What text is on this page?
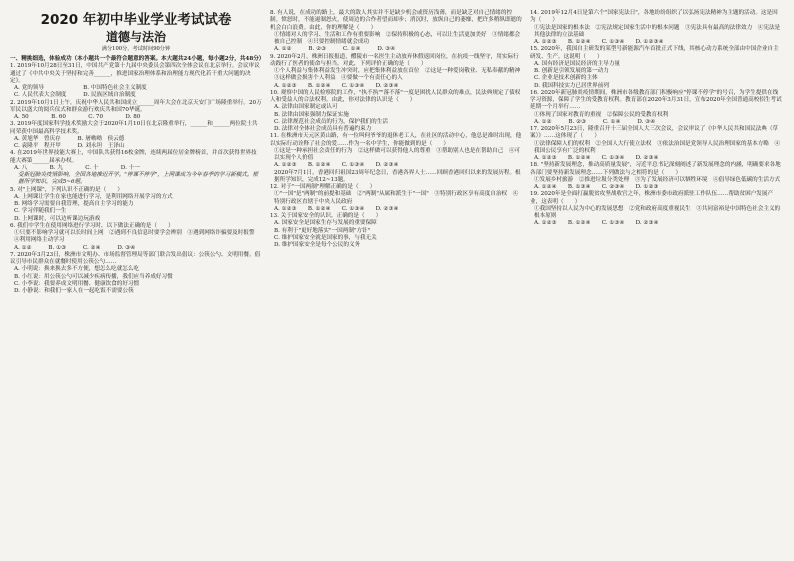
2020 年初中毕业学业考试试卷
道德与法治
满分100分，考试时间90分钟

一、精挑细选，体验成功（本小题共一个最符合题意的答案。本大题共24小题，每小题2分，共48分）

1. 2019年10月28日至31日，中国共产党第十九届中央委员会第四次全体会议在北京举行。会议审议通过了《中共中央关于坚持和完善______，推进国家治理体系和治理能力现代化若干重大问题的决定》。

A. 党的领导　　　　　　　B. 中国特色社会主义制度

C. 人民代表大会制度　　　D. 民族区域自治制度

2. 2019年10月1日上午，庆祝中华人民共和国成立______周年大会在北京天安门广场隆重举行。20万军民以盛大的阅兵仪式和群众游行欢庆共和国70华诞。

A. 50　　　　B. 60　　　　C. 70　　　　D. 80

3. 2019年度国家科学技术奖励大会于2020年1月10日在北京隆重举行，______和______两位院士共同荣获中国最高科学技术奖。

A. 黄旭华　曾庆存　　　B. 屠呦呦　侯云德

C. 袁隆平　程开甲　　　D. 刘永坦　王泽山

4. 在2019年世界技能大赛上，中国队共获得16枚金牌，连续两届位居金牌榜首，并首次获得世界技能大赛第______届承办权。

A. 八　　　　B. 九　　　　C. 十　　　　D. 十一

受新冠肺炎疫情影响，全国各地推迟开学。"停课不停学"，上网课成为今年春季的学习新模式。根据所学知识，完成5~6题。

5. 对"上网课"，下列认识不正确的是（　　）

A. 上网课让学生在家也能进行学习，是利用网络开展学习的方式

B. 网络学习需要自我管理，提高自主学习的能力

C. 学习伴随我们一生

D. 上网课时，可以边听课边玩游戏

6. 我们中学生在使用网络进行学习时，以下做法正确的是（　　）

①只要不影响学习就可以长时间上网　②遇到不良信息时要学会辨别　③遇到网络诈骗要及时报警　④利用网络主动学习

A. ①②　　　B. ①③　　　C. ②④　　　D. ③④

7. 2020年3月23日，株洲市文明办、市场监督管理局等部门联合发出倡议：公筷公勺、文明用餐。倡议引导市民群众在就餐时使用公筷公勺……

A. 小明说：换来换去多不方便，想怎么吃就怎么吃

B. 小红说：用公筷公勺可以减少疾病传播，我们应当养成好习惯

C. 小李说：我要养成文明用餐、健康饮食的好习惯

D. 小静说：和我们一家人在一起吃饭不需要公筷

8. 有人说，在成功的路上，最大的敌人其实并不是缺少机会或资历浅薄，而是缺乏对自己情绪的控制。愤怒时，不能遏制怒火，使周边的合作者望而却步；消沉时，放纵自己的萎靡，把许多稍纵即逝的机会白白浪费。由此，你的理解是（　　）

①情绪对人的学习、生活和工作有重要影响　②保持积极的心态，可以让生活更加美好　③情绪都会被自己控制　④只要控制情绪就会成功

A. ①②　　　B. ②③　　　C. ①④　　　D. ③④

9. 2020年2月，株洲日报报道，醴陵市一名医生主动放弃休假返回岗位，在抗疫一线坚守，用实际行动践行了医者的使命与担当。对此，下列评价正确的是（　　）

①个人利益与集体利益发生冲突时，应把集体利益放在首位　②这是一种爱岗敬业、无私奉献的精神　③这样做会损害个人利益　④要做一个有责任心的人

A. ①②③　　B. ①②④　　C. ①③④　　D. ②③④

10. 观察中国的人民检察院的工作，"执不执""落不落"一度是困扰人民群众的难点，民法典规定了债权人和受益人的合法权利。由此，你对法律的认识是（　　）

A. 法律由国家制定或认可

B. 法律由国家强制力保证实施

C. 法律规范社会成员的行为，保护我们的生活

D. 法律对全体社会成员具有普遍约束力

11. 在株洲市天元区黄山路，有一位叫何爷爷的退休老工人，在社区的活动中心，他总是准时出现，他以实际行动诠释了社会的爱……作为一名中学生，你能做到的是（　　）

①这是一种承担社会责任的行为　②这样做可以获得他人的尊重　③帮助别人也是在帮助自己　④可以实现个人价值

A. ①②③　　B. ①②④　　C. ①③④　　D. ②③④

2020年7月1日，香港回归祖国23周年纪念日，香港各界人士……回顾香港回归以来的发展历程。根据所学知识，完成12~13题。

12. 对于"一国两制"理解正确的是（　　）

①"一国"是"两制"的前提和基础　②"两制"从属和派生于"一国"　③特别行政区享有高度自治权　④特别行政区直辖于中央人民政府

A. ①②③　　B. ①②④　　C. ①③④　　D. ②③④

13. 关于国家安全的认识，正确的是（　　）

A. 国家安全是国家生存与发展的重要保障

B. 有利于"更好地落实"一国两制"方针"

C. 维护国家安全就是国家的事，与我无关

D. 维护国家安全是每个公民的义务

14. 2019年12月4日是第六个"国家宪法日"，各地纷纷组织了以弘扬宪法精神为主题的活动。这是因为（　　）

①宪法是国家的根本法　②宪法规定国家生活中的根本问题　③宪法具有最高的法律效力　④宪法是其他法律的立法基础

A. ①②③　　B. ①②④　　C. ①③④　　D. ①②③④

15. 2020年，我国自主研发的某型号新能源汽车首批正式下线，其核心动力系统全部由中国企业自主研发、生产。这说明（　　）

A. 国有经济是国民经济的主导力量

B. 创新是引领发展的第一动力

C. 企业是技术创新的主体

D. 我国科技实力已居世界前列

16. 2020年新冠肺炎疫情期间，株洲市各级教育部门积极响应"停课不停学"的号召，为学生提供在线学习资源，保障了学生的受教育权利。教育部在2020年3月31日，宣布2020年全国普通高校招生考试延期一个月举行……

①体现了国家对教育的重视　②保障公民的受教育权利

A. ①②　　　B. ②③　　　C. ①④　　　D. ③④

17. 2020年5月23日，隆重召开十三届全国人大三次会议，会议审议了《中华人民共和国民法典（草案）》……这体现了（　　）

①法律保障人们的权利　②全国人大行使立法权　③依法治国是党领导人民治理国家的基本方略　④我国公民享有广泛的权利

A. ①②③　　B. ①②④　　C. ①③④　　D. ②③④

18. "坚持新发展理念，推动高质量发展"，习近平总书记深刻阐述了新发展理念的内涵，明确要求各地各部门要坚持新发展理念……下列做法与之相符的是（　　）

①发展乡村旅游　②推进垃圾分类处理　③为了发展经济可以牺牲环境　④倡导绿色低碳的生活方式

A. ①②④　　B. ①③④　　C. ②③④　　D. ①②③

19. 2020年是全面打赢脱贫攻坚战收官之年，株洲市委市政府派驻工作队伍……帮助贫困户发展产业，这表明（　　）

①我国坚持以人民为中心的发展思想　②党和政府高度重视民生　③共同富裕是中国特色社会主义的根本原则

A. ①②③　　B. ①②④　　C. ①③④　　D. ②③④
